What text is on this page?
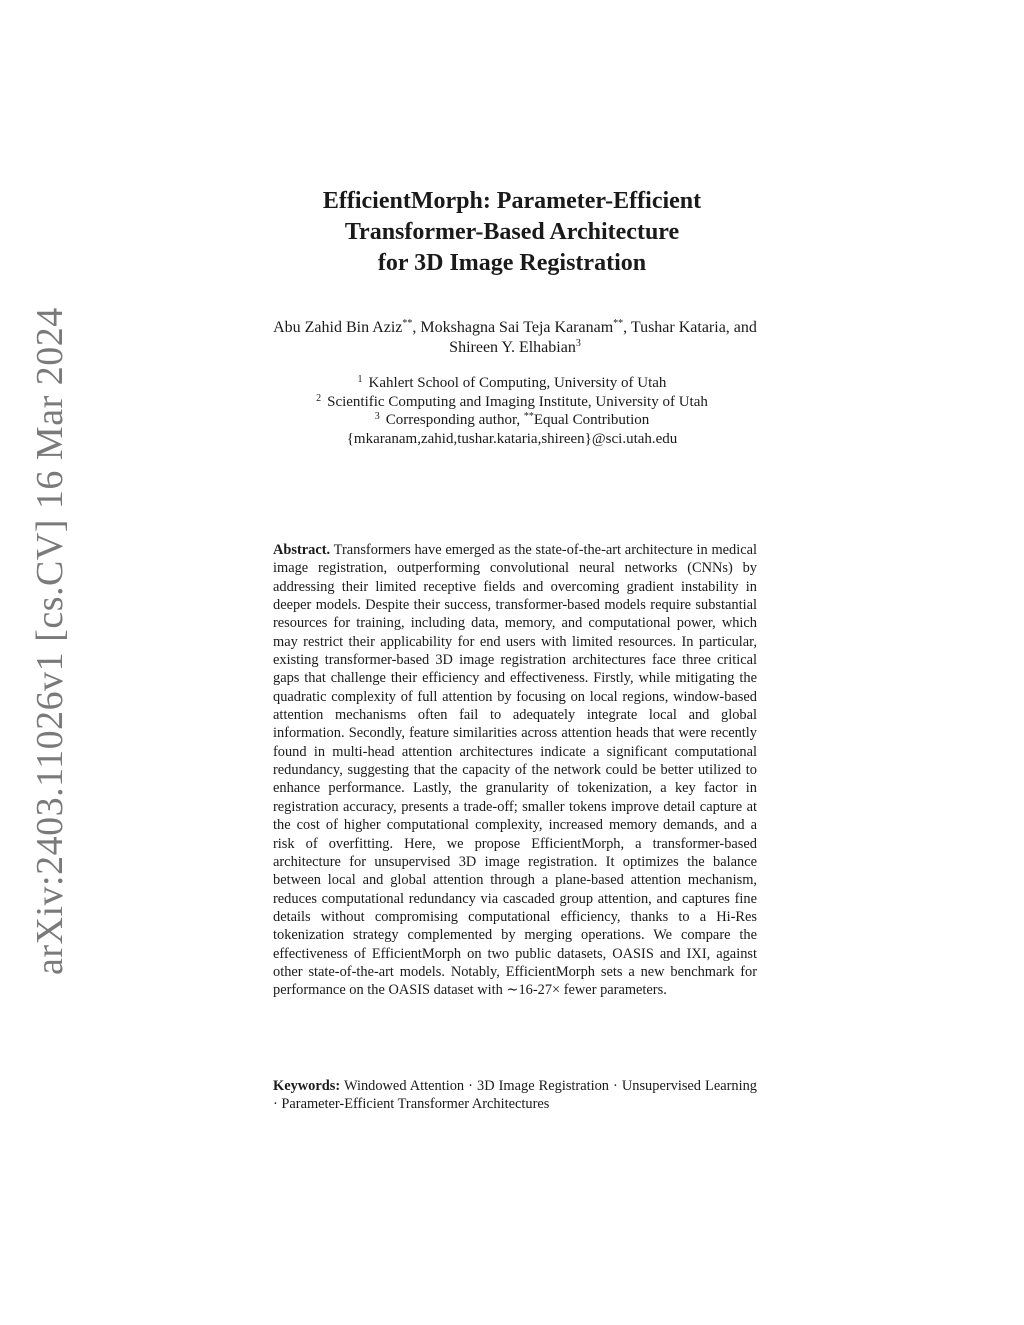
arXiv:2403.11026v1 [cs.CV] 16 Mar 2024
EfficientMorph: Parameter-Efficient
Transformer-Based Architecture
for 3D Image Registration
Abu Zahid Bin Aziz**, Mokshagna Sai Teja Karanam**, Tushar Kataria, and
Shireen Y. Elhabian$^3$
$^1$ Kahlert School of Computing, University of Utah
$^2$ Scientific Computing and Imaging Institute, University of Utah
$^3$ Corresponding author, **Equal Contribution
{mkaranam,zahid,tushar.kataria,shireen}@sci.utah.edu
Abstract. Transformers have emerged as the state-of-the-art architecture in medical image registration, outperforming convolutional neural networks (CNNs) by addressing their limited receptive fields and overcoming gradient instability in deeper models. Despite their success, transformer-based models require substantial resources for training, including data, memory, and computational power, which may restrict their applicability for end users with limited resources. In particular, existing transformer-based 3D image registration architectures face three critical gaps that challenge their efficiency and effectiveness. Firstly, while mitigating the quadratic complexity of full attention by focusing on local regions, window-based attention mechanisms often fail to adequately integrate local and global information. Secondly, feature similarities across attention heads that were recently found in multi-head attention architectures indicate a significant computational redundancy, suggesting that the capacity of the network could be better utilized to enhance performance. Lastly, the granularity of tokenization, a key factor in registration accuracy, presents a trade-off; smaller tokens improve detail capture at the cost of higher computational complexity, increased memory demands, and a risk of overfitting. Here, we propose EfficientMorph, a transformer-based architecture for unsupervised 3D image registration. It optimizes the balance between local and global attention through a plane-based attention mechanism, reduces computational redundancy via cascaded group attention, and captures fine details without compromising computational efficiency, thanks to a Hi-Res tokenization strategy complemented by merging operations. We compare the effectiveness of EfficientMorph on two public datasets, OASIS and IXI, against other state-of-the-art models. Notably, EfficientMorph sets a new benchmark for performance on the OASIS dataset with ∼16-27× fewer parameters.
Keywords: Windowed Attention · 3D Image Registration · Unsupervised Learning · Parameter-Efficient Transformer Architectures
